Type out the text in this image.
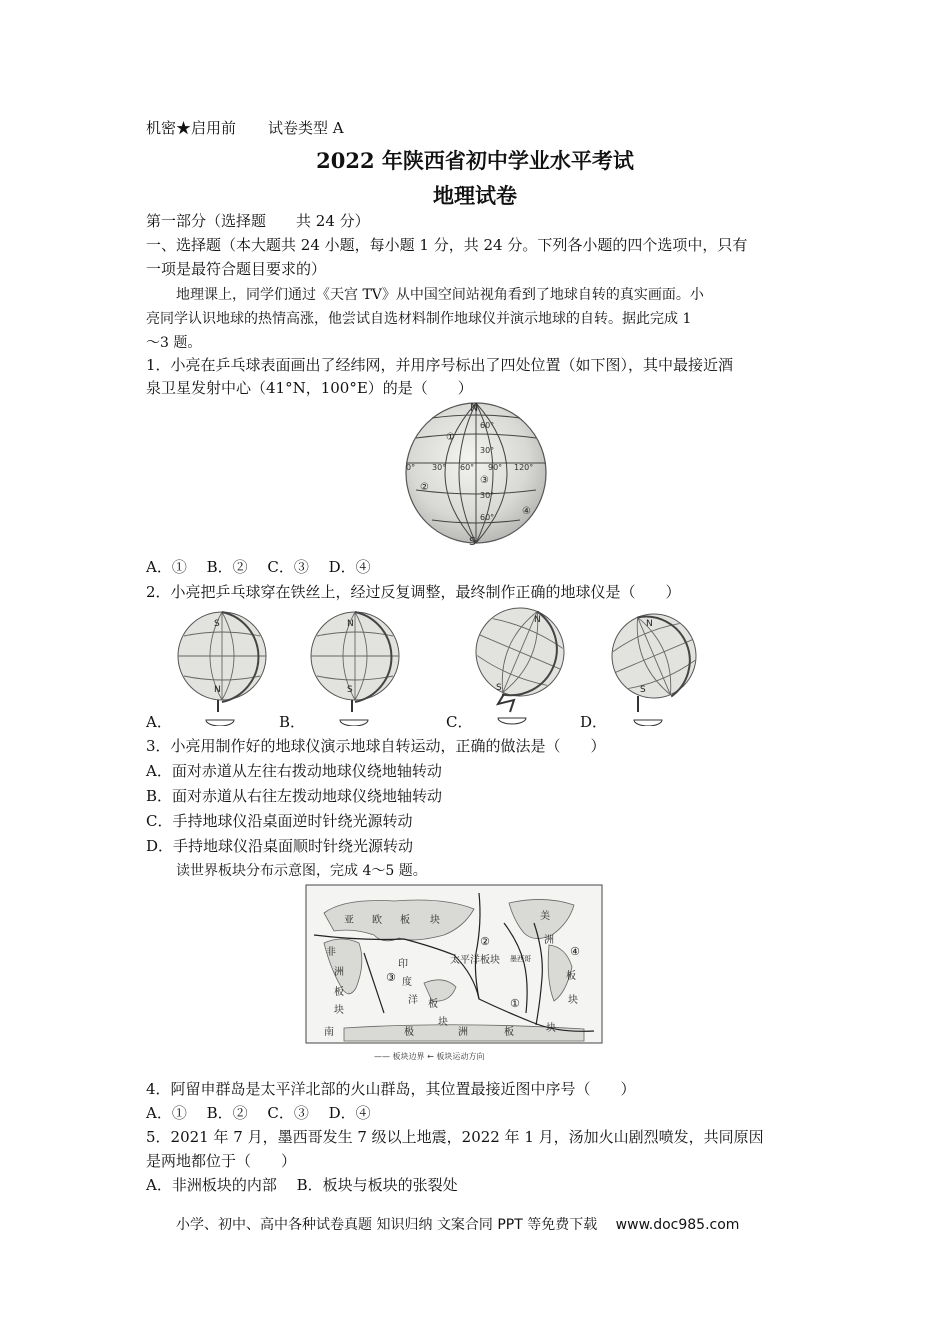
机密★启用前 试卷类型 A
2022 年陕西省初中学业水平考试
地理试卷
第一部分（选择题　　共 24 分）
一、选择题（本大题共 24 小题，每小题 1 分，共 24 分。下列各小题的四个选项中，只有
一项是最符合题目要求的）
地理课上，同学们通过《天宫 TV》从中国空间站视角看到了地球自转的真实画面。小
亮同学认识地球的热情高涨，他尝试自选材料制作地球仪并演示地球的自转。据此完成 1
～3 题。
1．小亮在乒乓球表面画出了经纬网，并用序号标出了四处位置（如下图），其中最接近酒
泉卫星发射中心（41°N，100°E）的是（　　）
N
S
0° 30° 60° 90° 120°
60°
30°
30°
60°
①
②
③
④
A．①　 B．②　 C．③　 D．④
2．小亮把乒乓球穿在铁丝上，经过反复调整，最终制作正确的地球仪是（　　）
A．
S
N
B．
N
S
C．
N
S
D．
N
S
3．小亮用制作好的地球仪演示地球自转运动，正确的做法是（　　）
A．面对赤道从左往右拨动地球仪绕地轴转动
B．面对赤道从右往左拨动地球仪绕地轴转动
C．手持地球仪沿桌面逆时针绕光源转动
D．手持地球仪沿桌面顺时针绕光源转动
读世界板块分布示意图，完成 4～5 题。
亚 欧 板 块
非
洲
板
块
印
度
洋 板
块
太平洋板块
美
洲
板
块
南	极	洲	板	块
墨西哥
①
②
③
④
—— 板块边界 ← 板块运动方向
4．阿留申群岛是太平洋北部的火山群岛，其位置最接近图中序号（　　）
A．①　 B．②　 C．③　 D．④
5．2021 年 7 月，墨西哥发生 7 级以上地震，2022 年 1 月，汤加火山剧烈喷发，共同原因
是两地都位于（　　）
A．非洲板块的内部　 B．板块与板块的张裂处
小学、初中、高中各种试卷真题 知识归纳 文案合同 PPT 等免费下载　 www.doc985.com
